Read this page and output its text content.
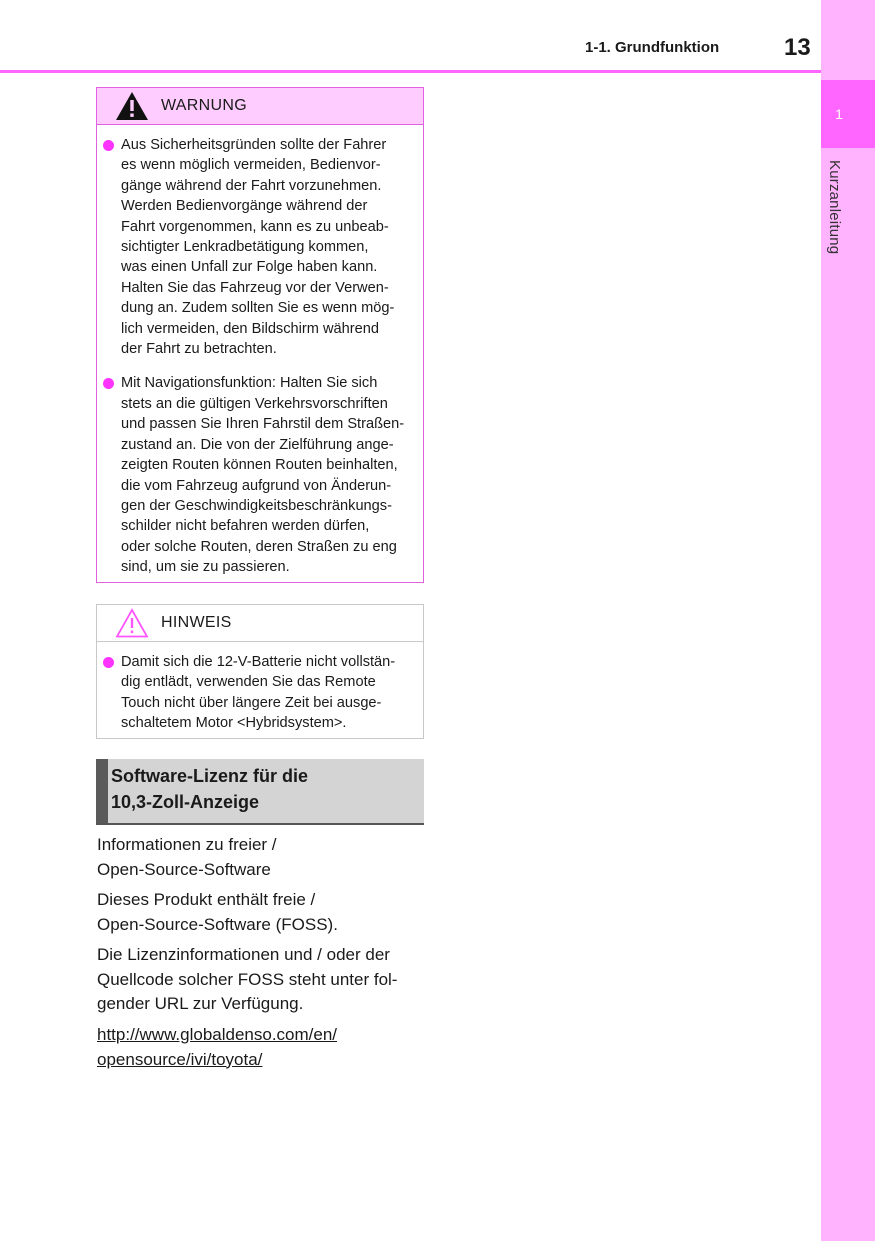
1
Kurzanleitung
1-1. Grundfunktion	13
WARNUNG
Aus Sicherheitsgründen sollte der Fahrer
es wenn möglich vermeiden, Bedienvor-
gänge während der Fahrt vorzunehmen.
Werden Bedienvorgänge während der
Fahrt vorgenommen, kann es zu unbeab-
sichtigter Lenkradbetätigung kommen,
was einen Unfall zur Folge haben kann.
Halten Sie das Fahrzeug vor der Verwen-
dung an. Zudem sollten Sie es wenn mög-
lich vermeiden, den Bildschirm während
der Fahrt zu betrachten.
Mit Navigationsfunktion: Halten Sie sich
stets an die gültigen Verkehrsvorschriften
und passen Sie Ihren Fahrstil dem Straßen-
zustand an. Die von der Zielführung ange-
zeigten Routen können Routen beinhalten,
die vom Fahrzeug aufgrund von Änderun-
gen der Geschwindigkeitsbeschränkungs-
schilder nicht befahren werden dürfen,
oder solche Routen, deren Straßen zu eng
sind, um sie zu passieren.
HINWEIS
Damit sich die 12-V-Batterie nicht vollstän-
dig entlädt, verwenden Sie das Remote
Touch nicht über längere Zeit bei ausge-
schaltetem Motor <Hybridsystem>.
Software-Lizenz für die
10,3-Zoll-Anzeige
Informationen zu freier /
Open-Source-Software
Dieses Produkt enthält freie /
Open-Source-Software (FOSS).
Die Lizenzinformationen und / oder der
Quellcode solcher FOSS steht unter fol-
gender URL zur Verfügung.
http://www.globaldenso.com/en/
opensource/ivi/toyota/
